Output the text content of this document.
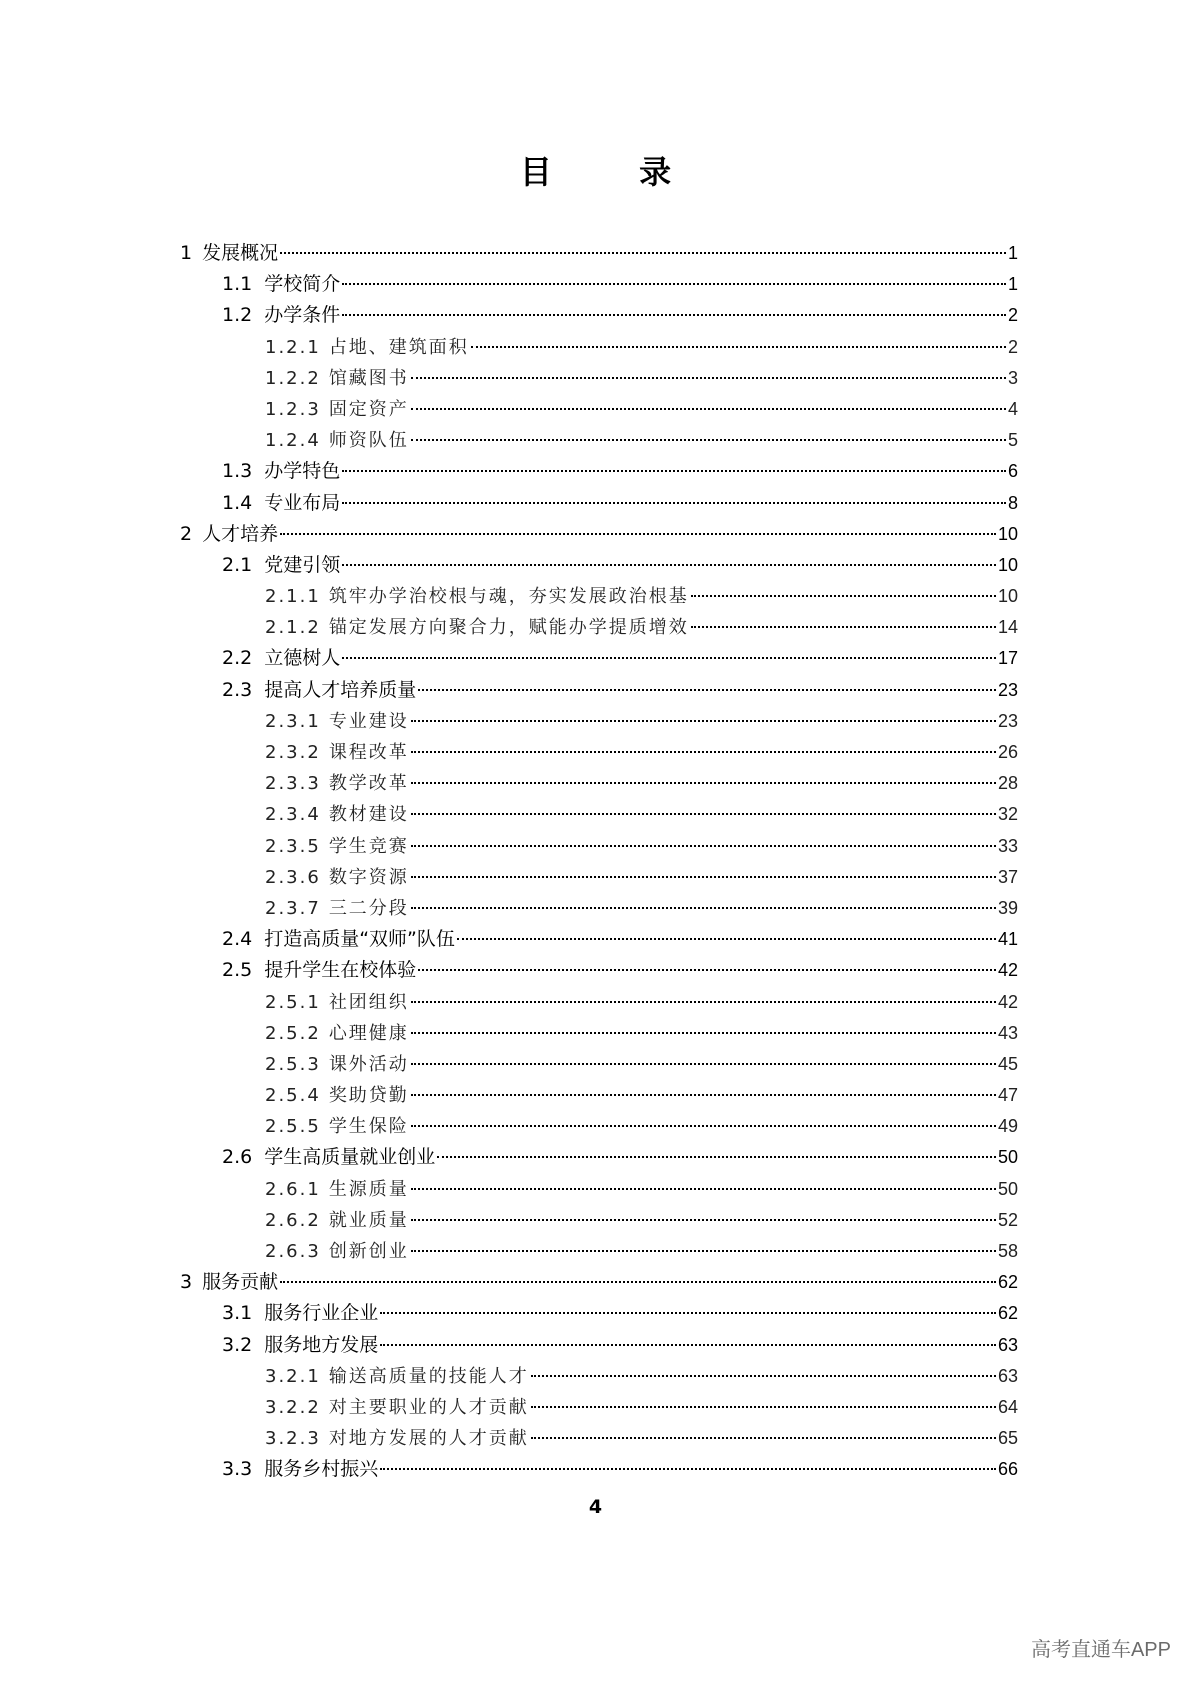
目 录
1 发展概况	1
1.1 学校简介	1
1.2 办学条件	2
1.2.1 占地、建筑面积	2
1.2.2 馆藏图书	3
1.2.3 固定资产	4
1.2.4 师资队伍	5
1.3 办学特色	6
1.4 专业布局	8
2 人才培养	10
2.1 党建引领	10
2.1.1 筑牢办学治校根与魂，夯实发展政治根基	10
2.1.2 锚定发展方向聚合力，赋能办学提质增效	14
2.2 立德树人	17
2.3 提高人才培养质量	23
2.3.1 专业建设	23
2.3.2 课程改革	26
2.3.3 教学改革	28
2.3.4 教材建设	32
2.3.5 学生竞赛	33
2.3.6 数字资源	37
2.3.7 三二分段	39
2.4 打造高质量“双师”队伍	41
2.5 提升学生在校体验	42
2.5.1 社团组织	42
2.5.2 心理健康	43
2.5.3 课外活动	45
2.5.4 奖助贷勤	47
2.5.5 学生保险	49
2.6 学生高质量就业创业	50
2.6.1 生源质量	50
2.6.2 就业质量	52
2.6.3 创新创业	58
3 服务贡献	62
3.1 服务行业企业	62
3.2 服务地方发展	63
3.2.1 输送高质量的技能人才	63
3.2.2 对主要职业的人才贡献	64
3.2.3 对地方发展的人才贡献	65
3.3 服务乡村振兴	66
4
高考直通车APP
